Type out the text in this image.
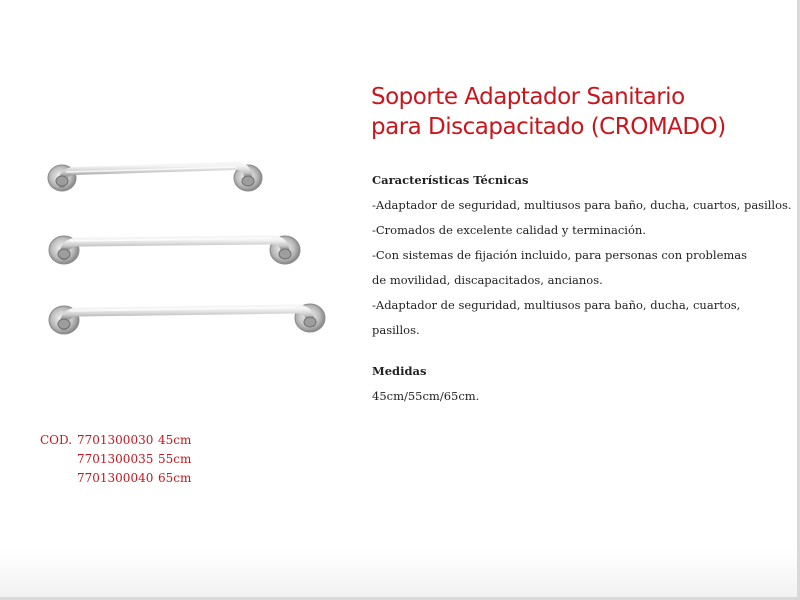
Soporte Adaptador Sanitario
para Discapacitado (CROMADO)
Características Técnicas
-Adaptador de seguridad, multiusos para baño, ducha, cuartos, pasillos.
-Cromados de excelente calidad y terminación.
-Con sistemas de fijación incluido, para personas con problemas
de movilidad, discapacitados, ancianos.
-Adaptador de seguridad, multiusos para baño, ducha, cuartos,
pasillos.
Medidas
45cm/55cm/65cm.
COD. 7701300030 45cm
7701300035 55cm
7701300040 65cm
